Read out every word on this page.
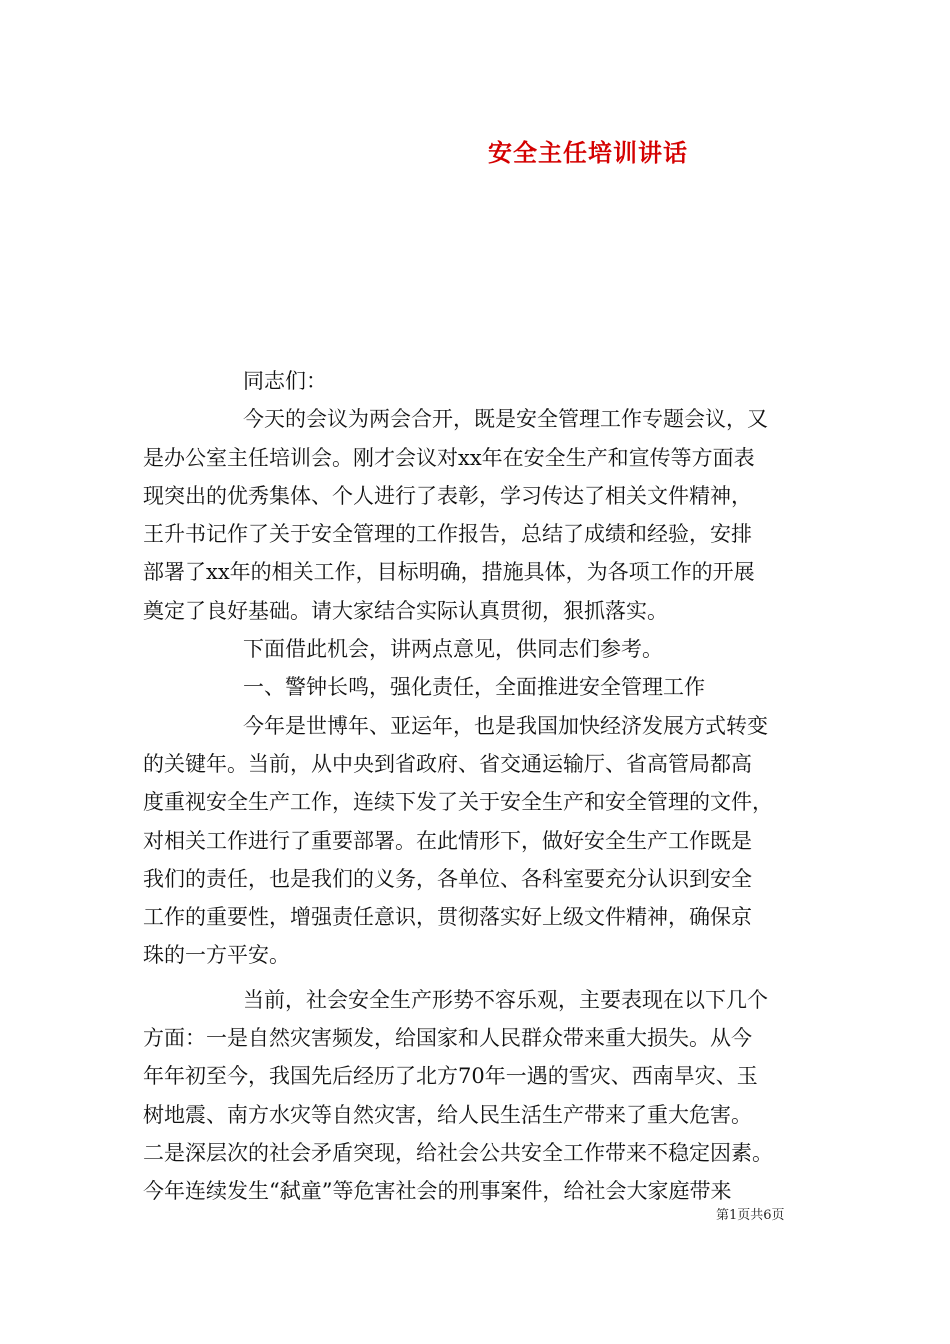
安全主任培训讲话
同志们：
今天的会议为两会合开，既是安全管理工作专题会议，又
是办公室主任培训会。刚才会议对xx年在安全生产和宣传等方面表
现突出的优秀集体、个人进行了表彰，学习传达了相关文件精神，
王升书记作了关于安全管理的工作报告，总结了成绩和经验，安排
部署了xx年的相关工作，目标明确，措施具体，为各项工作的开展
奠定了良好基础。请大家结合实际认真贯彻，狠抓落实。
下面借此机会，讲两点意见，供同志们参考。
一、警钟长鸣，强化责任，全面推进安全管理工作
今年是世博年、亚运年，也是我国加快经济发展方式转变
的关键年。当前，从中央到省政府、省交通运输厅、省高管局都高
度重视安全生产工作，连续下发了关于安全生产和安全管理的文件，
对相关工作进行了重要部署。在此情形下，做好安全生产工作既是
我们的责任，也是我们的义务，各单位、各科室要充分认识到安全
工作的重要性，增强责任意识，贯彻落实好上级文件精神，确保京
珠的一方平安。
当前，社会安全生产形势不容乐观，主要表现在以下几个
方面：一是自然灾害频发，给国家和人民群众带来重大损失。从今
年年初至今，我国先后经历了北方70年一遇的雪灾、西南旱灾、玉
树地震、南方水灾等自然灾害，给人民生活生产带来了重大危害。
二是深层次的社会矛盾突现，给社会公共安全工作带来不稳定因素。
今年连续发生“弑童”等危害社会的刑事案件，给社会大家庭带来
第1页共6页
